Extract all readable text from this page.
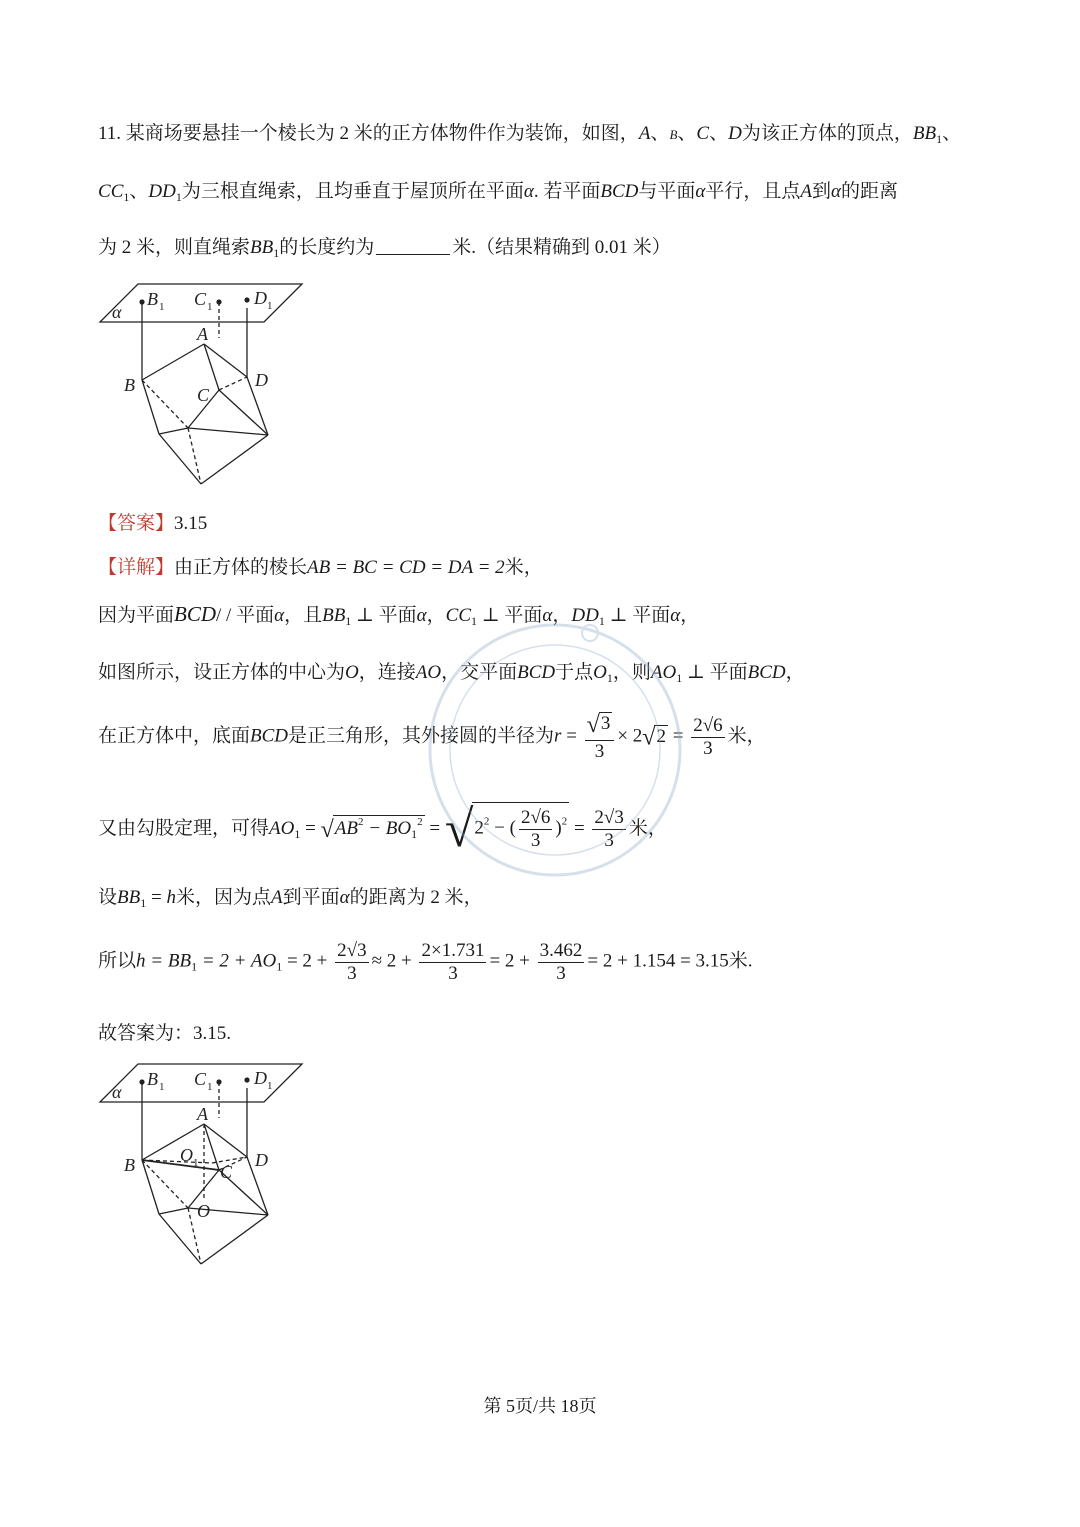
11. 某商场要悬挂一个棱长为 2 米的正方体物件作为装饰，如图，A、B、C、D为该正方体的顶点，$BB_1$、
$CC_1$、$DD_1$为三根直绳索，且均垂直于屋顶所在平面α. 若平面BCD与平面α平行，且点A到α的距离
为 2 米，则直绳索$BB_1$的长度约为	米.（结果精确到 0.01 米）
α
B 1 C 1 D 1
A
B	C
D
【答案】3.15
【详解】由正方体的棱长AB = BC = CD = DA = 2米，
因为平面BCD/ / 平面α，且$BB_1$ ⊥ 平面α，$CC_1$ ⊥ 平面α，$DD_1$ ⊥ 平面α，
如图所示，设正方体的中心为O，连接AO，交平面BCD于点$O_1$，则$AO_1$ ⊥ 平面BCD，
在正方体中，底面BCD是正三角形，其外接圆的半径为$r = \frac{√3}{3} \times 2√2 = \frac{2√6}{3}$ 米，
又由勾股定理，可得$AO_1 = √AB^2 - BO_1^2 = √2^2$ − ( $\frac{2√6}{3} )^2 = \frac{2√3}{3}$ 米，
设$BB_1 = h$米，因为点A到平面α的距离为 2 米，
所以$h = BB_1 = 2 + AO_1 = 2 + \frac{2√3}{3} \approx 2 + \frac{2\times 1.731}{3} = 2 + \frac{3.462}{3} = 2 + 1.154 = 3.15$米.
故答案为：3.15.
α
B 1 C 1 D 1
A
B	O 1 C
D
O
第 5页/共 18页
